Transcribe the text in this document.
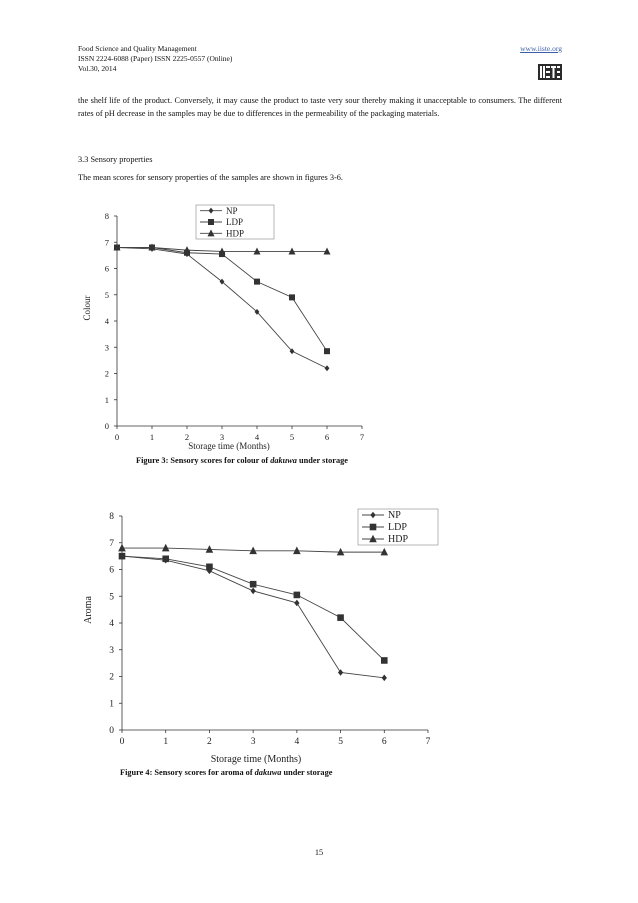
Food Science and Quality Management
ISSN 2224-6088 (Paper) ISSN 2225-0557 (Online)
Vol.30, 2014
www.iiste.org
the shelf life of the product. Conversely, it may cause the product to taste very sour thereby making it unacceptable to consumers. The different rates of pH decrease in the samples may be due to differences in the permeability of the packaging materials.
3.3 Sensory properties
The mean scores for sensory properties of the samples are shown in figures 3-6.
0
1
2
3
4
5
6
7
8
0	1	2	3	4	5	6	7
Storage time (Months)
Colour
NP
LDP
HDP
Figure 3: Sensory scores for colour of dakuwa under storage
0
1
2
3
4
5
6
7
8
0	1	2	3	4	5	6	7
Storage time (Months)
Aroma
NP
LDP
HDP
Figure 4: Sensory scores for aroma of dakuwa under storage
15
